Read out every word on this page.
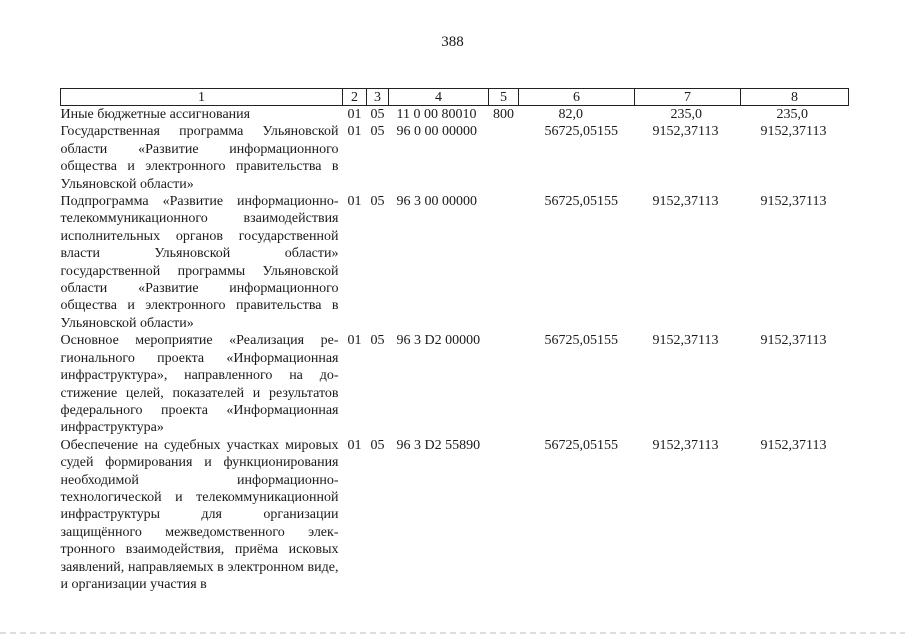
388
1	2	3	4	5	6	7	8
Иные бюджетные ассигнования	01	05	11 0 00 80010	800	82,0	235,0	235,0
Государственная программа Ульяновской области «Развитие информационного общества и электронного правительства в Ульяновской области»	01	05	96 0 00 00000		56725,05155	9152,37113	9152,37113
Подпрограмма «Развитие информационно-телекоммуникационного взаимодействия исполнительных органов государственной власти Ульяновской области» государственной программы Ульяновской области «Развитие информационного общества и электронного правительства в Ульяновской области»	01	05	96 3 00 00000		56725,05155	9152,37113	9152,37113
Основное мероприятие «Реализация регионального проекта «Информационная инфраструктура», направленного на достижение целей, показателей и результатов федерального проекта «Информационная инфраструктура»	01	05	96 3 D2 00000		56725,05155	9152,37113	9152,37113
Обеспечение на судебных участках мировых судей формирования и функционирования необходимой информационно-технологической и телекоммуникационной инфраструктуры для организации защищённого межведомственного электронного взаимодействия, приёма исковых заявлений, направляемых в электронном виде, и организации участия в	01	05	96 3 D2 55890		56725,05155	9152,37113	9152,37113
